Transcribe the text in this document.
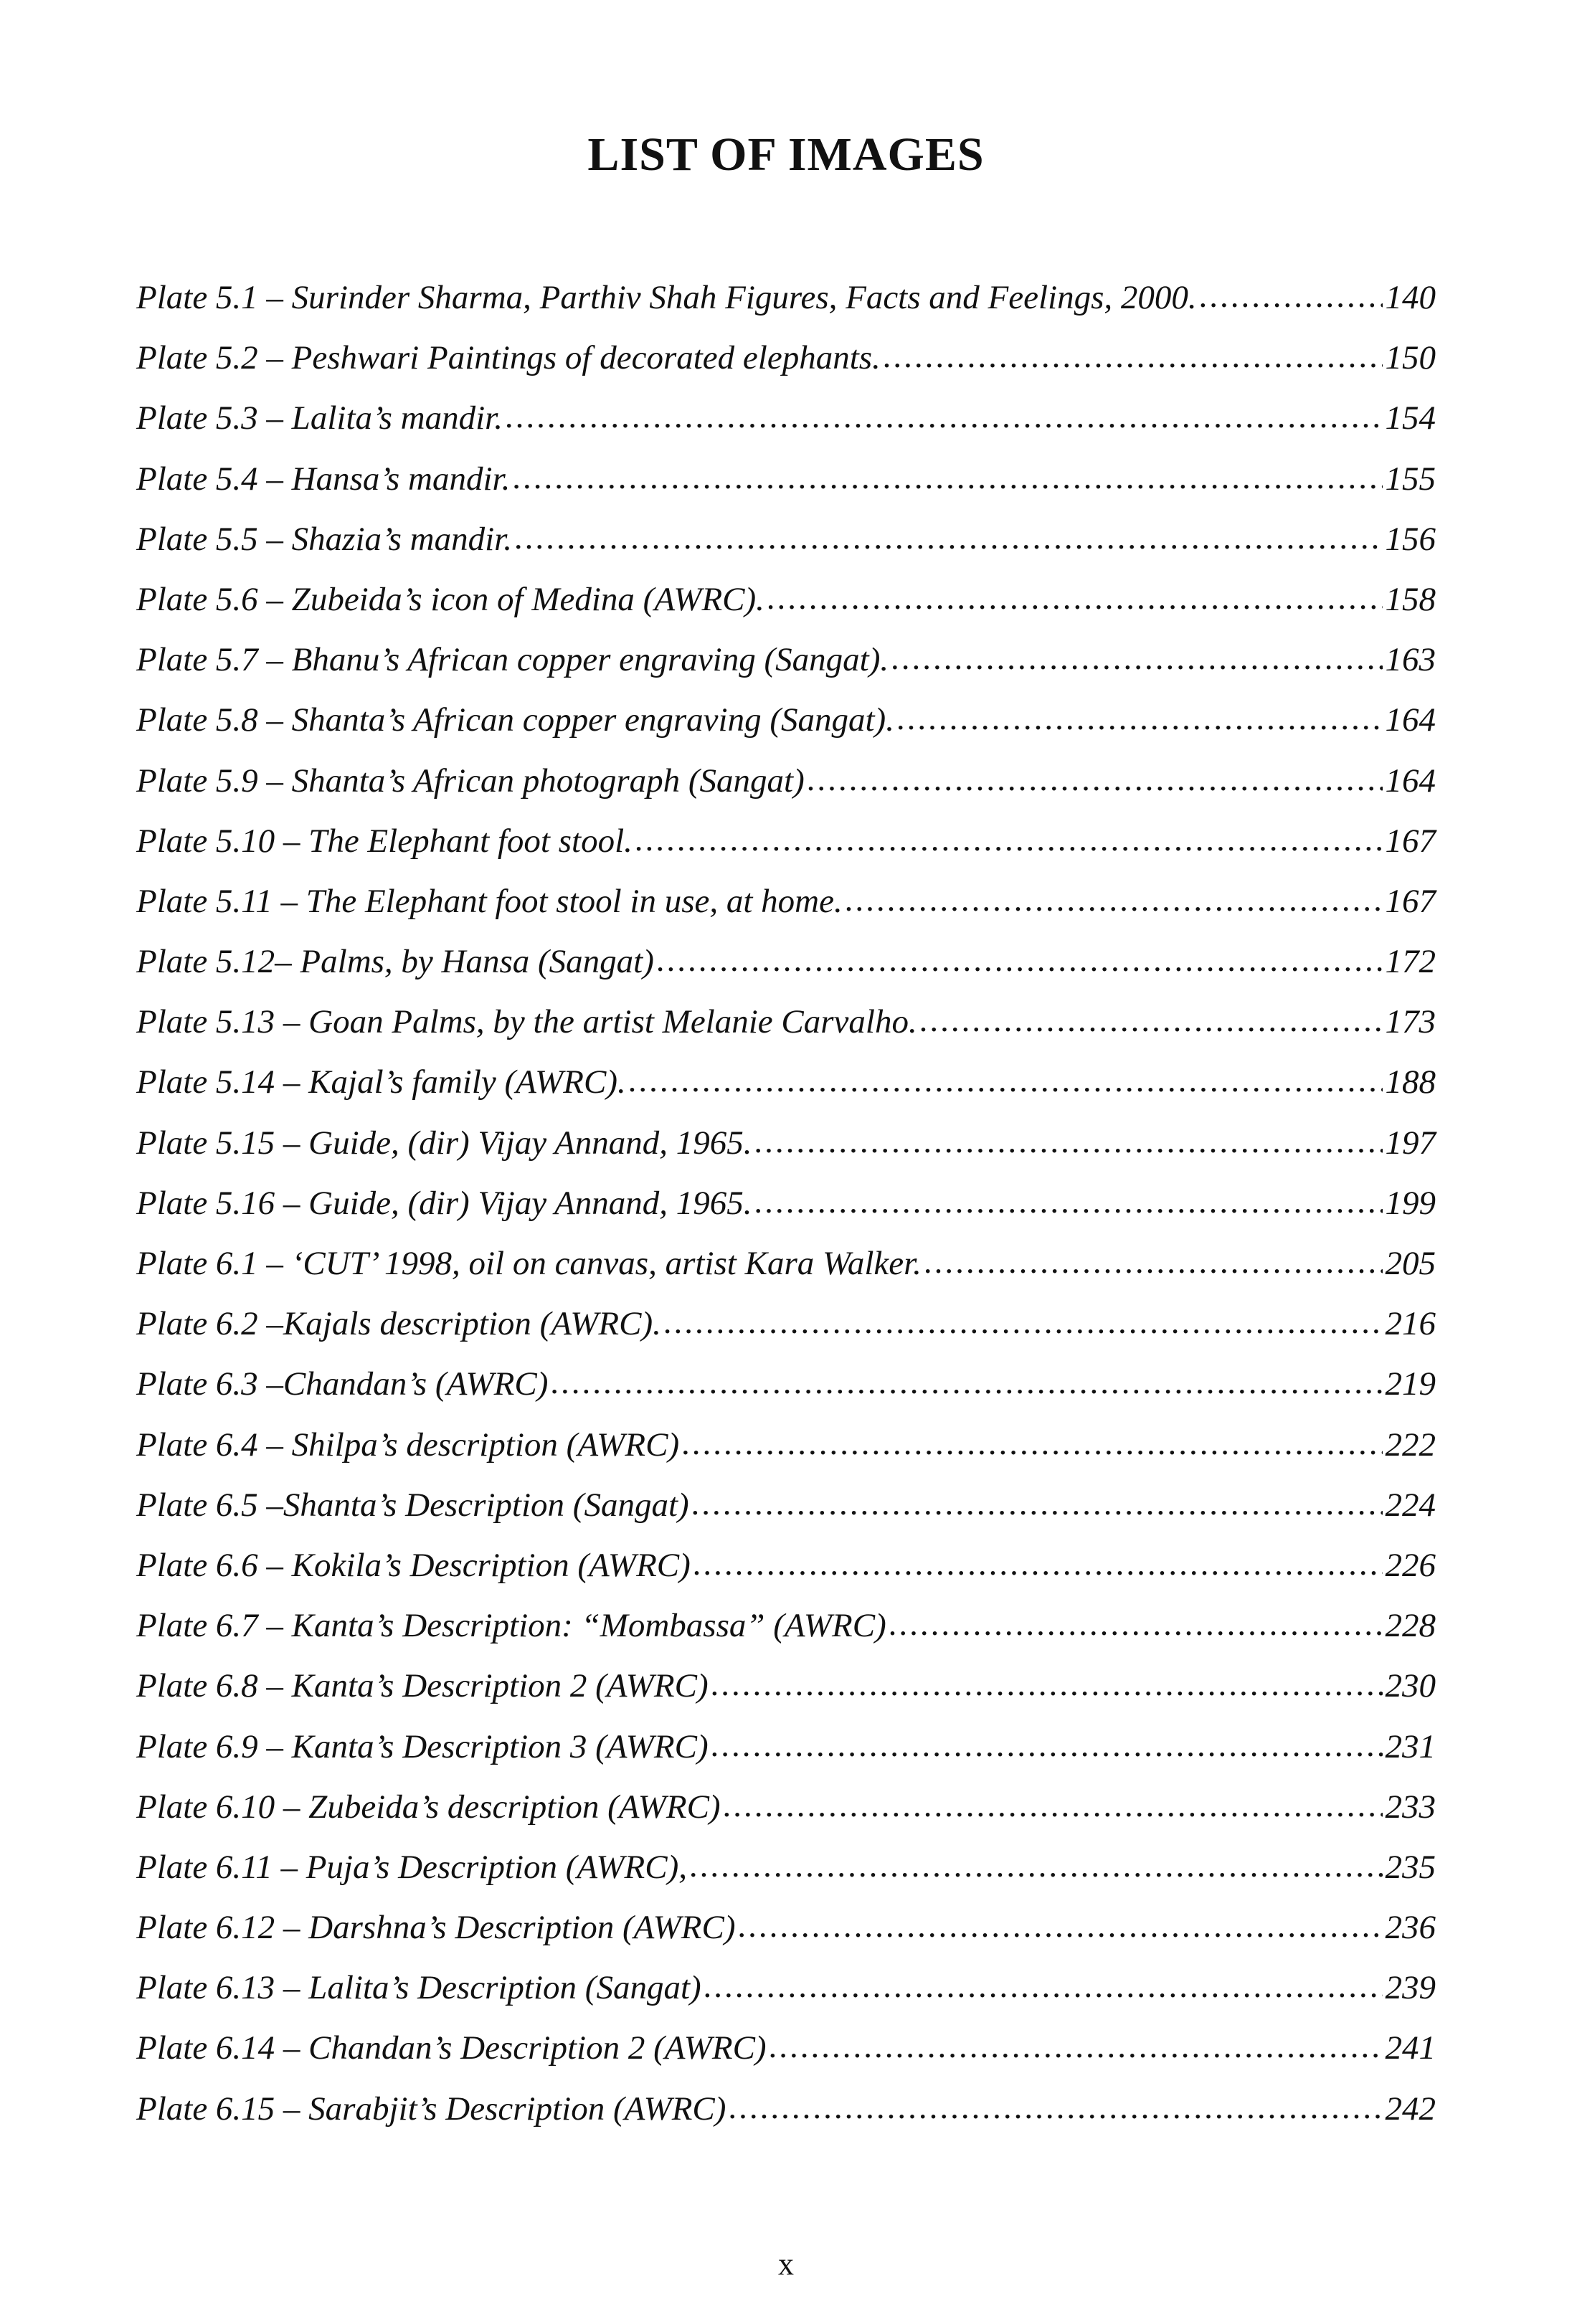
LIST OF IMAGES
Plate 5.1 – Surinder Sharma, Parthiv Shah Figures, Facts and Feelings, 2000. .....	140
Plate 5.2 – Peshwari Paintings of decorated elephants. .....	150
Plate 5.3 – Lalita’s mandir. .....	154
Plate 5.4 – Hansa’s mandir. .....	155
Plate 5.5 – Shazia’s mandir. .....	156
Plate 5.6 – Zubeida’s icon of Medina (AWRC). .....	158
Plate 5.7 – Bhanu’s African copper engraving (Sangat). .....	163
Plate 5.8 – Shanta’s African copper engraving (Sangat). .....	164
Plate 5.9 – Shanta’s African photograph (Sangat) .....	164
Plate 5.10 – The Elephant foot stool. .....	167
Plate 5.11 – The Elephant foot stool in use, at home. .....	167
Plate 5.12– Palms, by Hansa (Sangat) .....	172
Plate 5.13 – Goan Palms, by the artist Melanie Carvalho. .....	173
Plate 5.14 – Kajal’s family (AWRC). .....	188
Plate 5.15 – Guide, (dir) Vijay Annand, 1965. .....	197
Plate 5.16 – Guide, (dir) Vijay Annand, 1965. .....	199
Plate 6.1 – ‘CUT’ 1998, oil on canvas, artist Kara Walker. .....	205
Plate 6.2 –Kajals description (AWRC). .....	216
Plate 6.3 –Chandan’s (AWRC) .....	219
Plate 6.4 – Shilpa’s description (AWRC) .....	222
Plate 6.5 –Shanta’s Description (Sangat) .....	224
Plate 6.6 – Kokila’s Description (AWRC) .....	226
Plate 6.7 – Kanta’s Description: “Mombassa” (AWRC) .....	228
Plate 6.8 – Kanta’s Description 2 (AWRC) .....	230
Plate 6.9 – Kanta’s Description 3 (AWRC) .....	231
Plate 6.10 – Zubeida’s description (AWRC) .....	233
Plate 6.11 – Puja’s Description (AWRC), .....	235
Plate 6.12 – Darshna’s Description (AWRC) .....	236
Plate 6.13 – Lalita’s Description (Sangat) .....	239
Plate 6.14 – Chandan’s Description 2 (AWRC) .....	241
Plate 6.15 – Sarabjit’s Description (AWRC) .....	242
x
